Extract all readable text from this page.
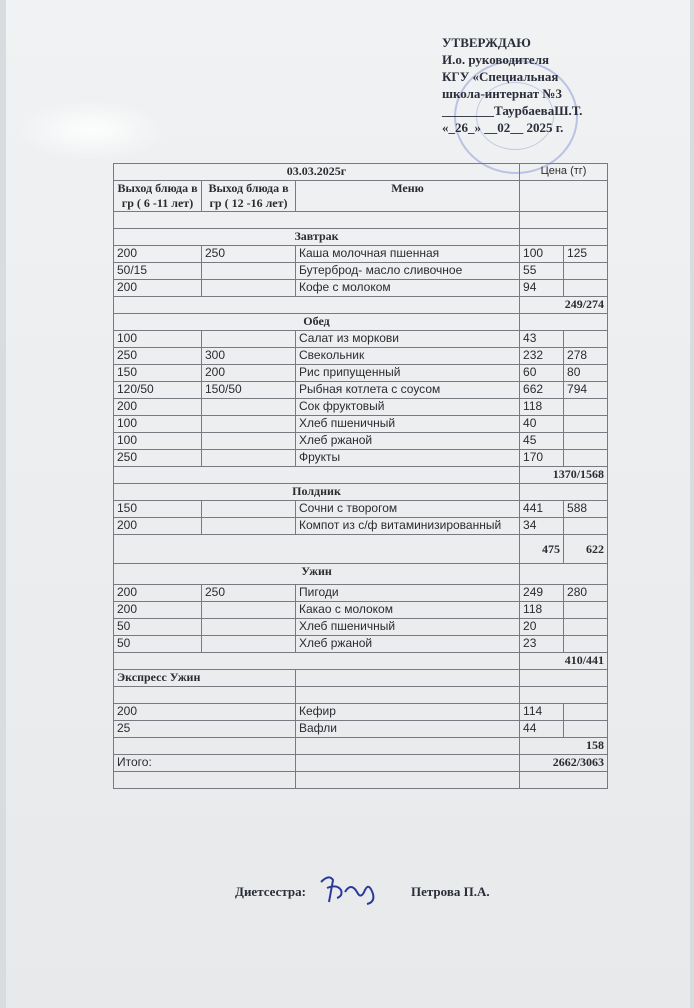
УТВЕРЖДАЮ
И.о. руководителя
КГУ «Специальная
школа-интернат №3
________ТаурбаеваШ.Т.
«_26_» __02__ 2025 г.
03.03.2025г			Цена (тг)	
Выход блюда в гр ( 6 -11 лет)	Выход блюда в гр ( 12 -16 лет)	Меню		

Завтрак				
200	250	Каша молочная пшенная	100	125
50/15		Бутерброд- масло сливочное	55	
200		Кофе с молоком	94	
			249/274	
Обед				
100		Салат из моркови	43	
250	300	Свекольник	232	278
150	200	Рис припущенный	60	80
120/50	150/50	Рыбная котлета с соусом	662	794
200		Сок фруктовый	118	
100		Хлеб пшеничный	40	
100		Хлеб ржаной	45	
250		Фрукты	170	
			1370/1568	
Полдник				
150		Сочни с творогом	441	588
200		Компот из с/ф витаминизированный	34	
			475	622
Ужин				
200	250	Пигоди	249	280
200		Какао с молоком	118	
50		Хлеб пшеничный	20	
50		Хлеб ржаной	23	
			410/441	
Экспресс Ужин				

200		Кефир	114	
25		Вафли	44	
			158	
Итого:			2662/3063	

Диетсестра:	Петрова П.А.
